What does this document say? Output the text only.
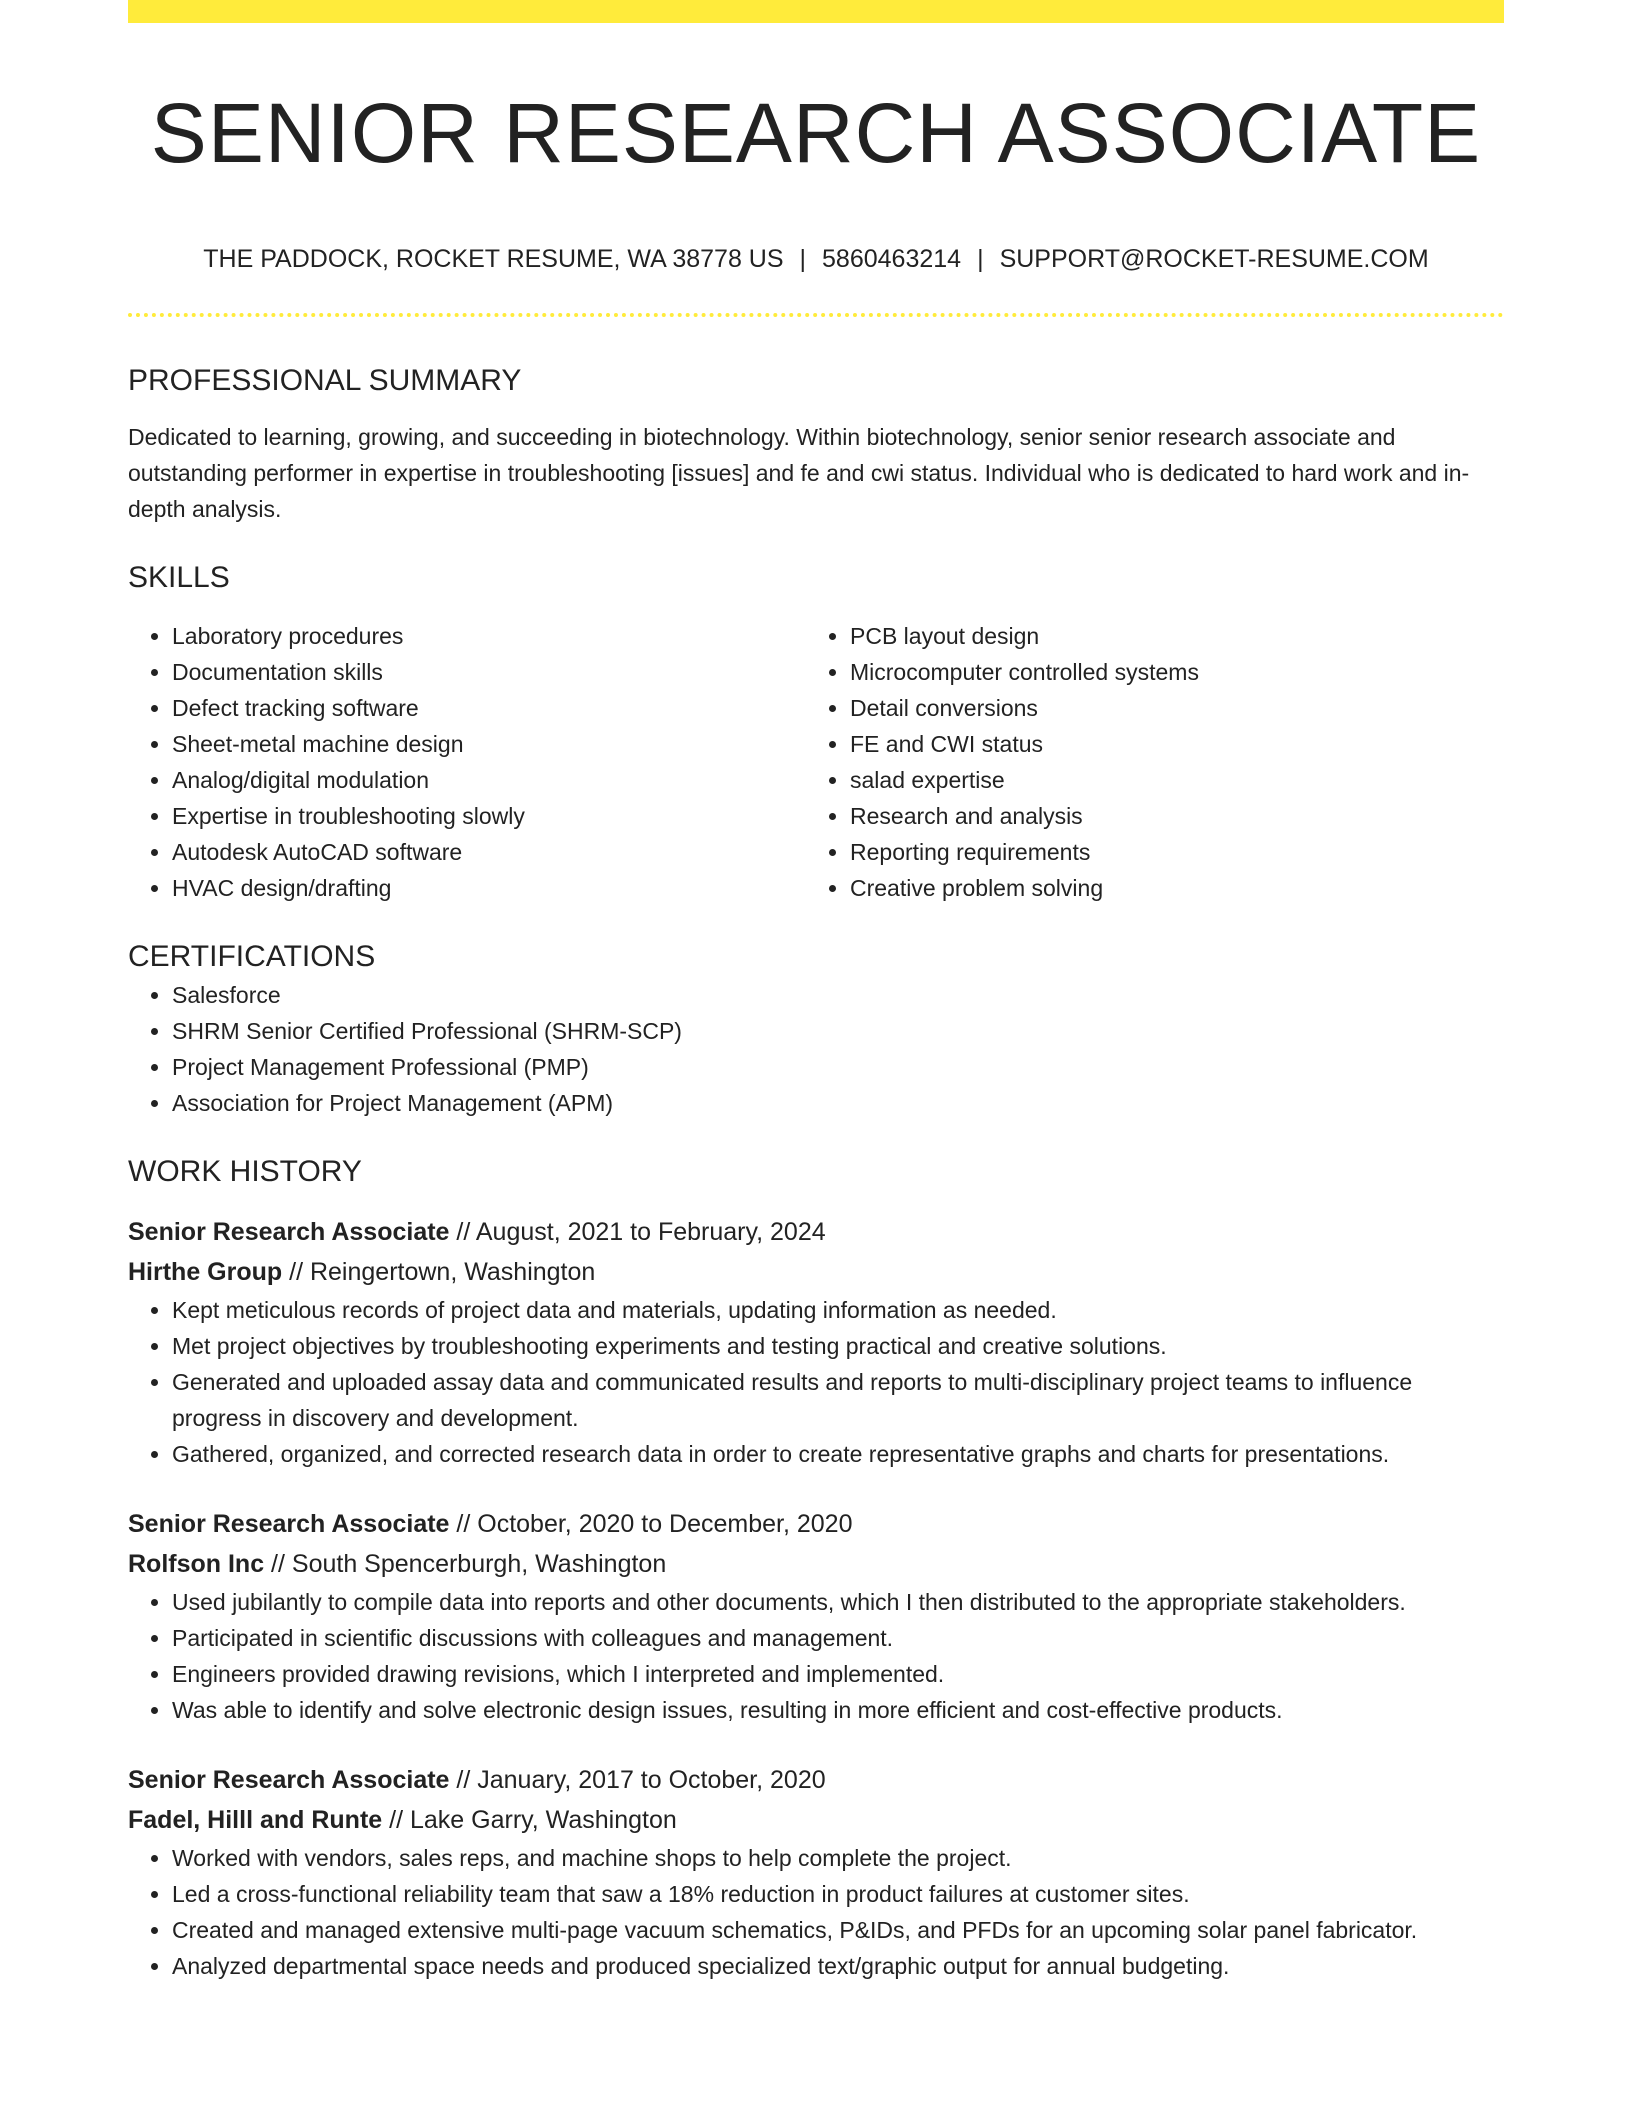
SENIOR RESEARCH ASSOCIATE
THE PADDOCK, ROCKET RESUME, WA 38778 US | 5860463214 | SUPPORT@ROCKET-RESUME.COM
PROFESSIONAL SUMMARY
Dedicated to learning, growing, and succeeding in biotechnology. Within biotechnology, senior senior research associate and outstanding performer in expertise in troubleshooting [issues] and fe and cwi status. Individual who is dedicated to hard work and in-depth analysis.
SKILLS
• Laboratory procedures
• Documentation skills
• Defect tracking software
• Sheet-metal machine design
• Analog/digital modulation
• Expertise in troubleshooting slowly
• Autodesk AutoCAD software
• HVAC design/drafting
• PCB layout design
• Microcomputer controlled systems
• Detail conversions
• FE and CWI status
• salad expertise
• Research and analysis
• Reporting requirements
• Creative problem solving
CERTIFICATIONS
• Salesforce
• SHRM Senior Certified Professional (SHRM-SCP)
• Project Management Professional (PMP)
• Association for Project Management (APM)
WORK HISTORY
Senior Research Associate // August, 2021 to February, 2024
Hirthe Group // Reingertown, Washington
• Kept meticulous records of project data and materials, updating information as needed.
• Met project objectives by troubleshooting experiments and testing practical and creative solutions.
• Generated and uploaded assay data and communicated results and reports to multi-disciplinary project teams to influence progress in discovery and development.
• Gathered, organized, and corrected research data in order to create representative graphs and charts for presentations.
Senior Research Associate // October, 2020 to December, 2020
Rolfson Inc // South Spencerburgh, Washington
• Used jubilantly to compile data into reports and other documents, which I then distributed to the appropriate stakeholders.
• Participated in scientific discussions with colleagues and management.
• Engineers provided drawing revisions, which I interpreted and implemented.
• Was able to identify and solve electronic design issues, resulting in more efficient and cost-effective products.
Senior Research Associate // January, 2017 to October, 2020
Fadel, Hilll and Runte // Lake Garry, Washington
• Worked with vendors, sales reps, and machine shops to help complete the project.
• Led a cross-functional reliability team that saw a 18% reduction in product failures at customer sites.
• Created and managed extensive multi-page vacuum schematics, P&IDs, and PFDs for an upcoming solar panel fabricator.
• Analyzed departmental space needs and produced specialized text/graphic output for annual budgeting.
